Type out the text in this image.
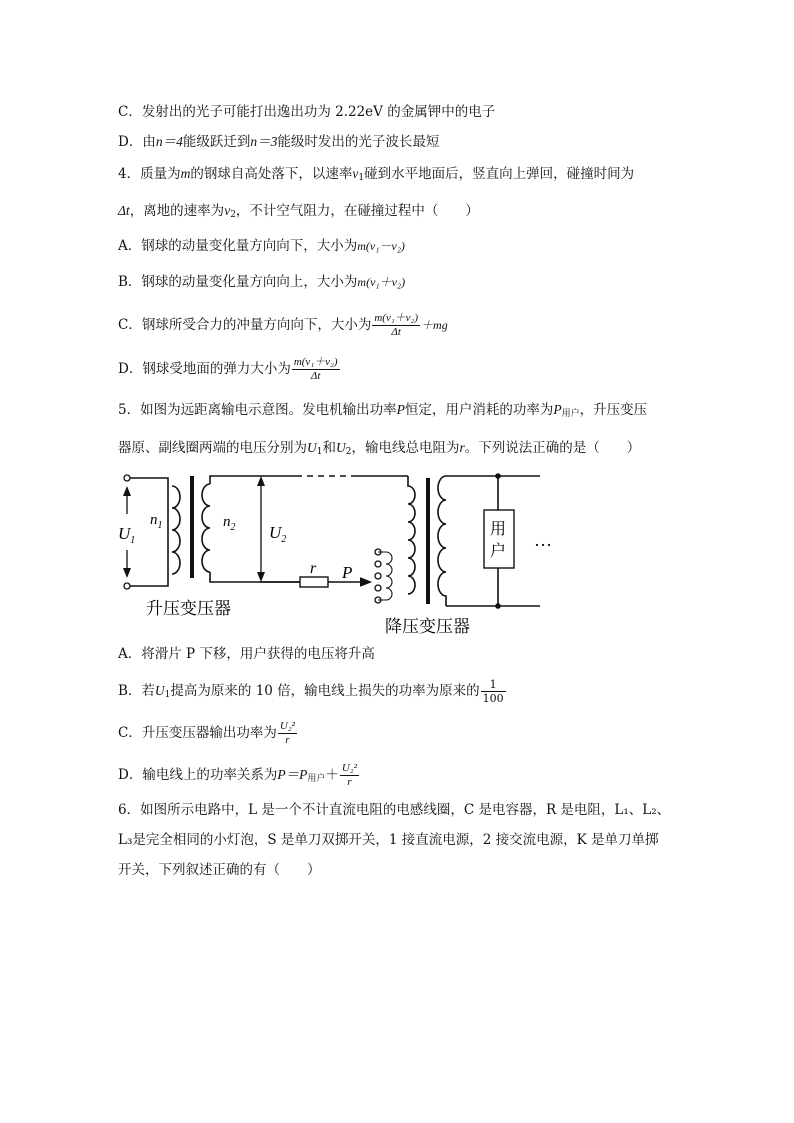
C．发射出的光子可能打出逸出功为 2.22eV 的金属钾中的电子
D．由n＝4能级跃迁到n＝3能级时发出的光子波长最短
4．质量为m的钢球自高处落下，以速率$v_1$碰到水平地面后，竖直向上弹回，碰撞时间为
Δt，离地的速率为$v_2$，不计空气阻力，在碰撞过程中（　　）
A．钢球的动量变化量方向向下，大小为m(v₁－v₂)
B．钢球的动量变化量方向向上，大小为m(v₁＋v₂)
C．钢球所受合力的冲量方向向下，大小为 $\frac{\text{m(v₁＋v₂)}}{\Delta t} +mg$
D．钢球受地面的弹力大小为 $\frac{\text{m(v₁＋v₂)}}{\Delta t}$
5．如图为远距离输电示意图。发电机输出功率P恒定，用户消耗的功率为$P_{用户}$，升压变压
器原、副线圈两端的电压分别为$U_1$和$U_2$，输电线总电阻为r。下列说法正确的是（　　）
$U_1$
$n_1$	$n_2$ $U_2$
r P
用
户
…
升压变压器
降压变压器
A．将滑片 P 下移，用户获得的电压将升高
B．若$U_1$提高为原来的 10 倍，输电线上损失的功率为原来的 $\frac{1}{100}$
C．升压变压器输出功率为 $\frac{\text{U₂²}}{r}$
D．输电线上的功率关系为$P=P_{用户}+ \frac{\text{U₂²}}{r}$
6．如图所示电路中，L 是一个不计直流电阻的电感线圈，C 是电容器，R 是电阻，L₁、L₂、
L₃是完全相同的小灯泡，S 是单刀双掷开关，1 接直流电源，2 接交流电源，K 是单刀单掷
开关，下列叙述正确的有（　　）
